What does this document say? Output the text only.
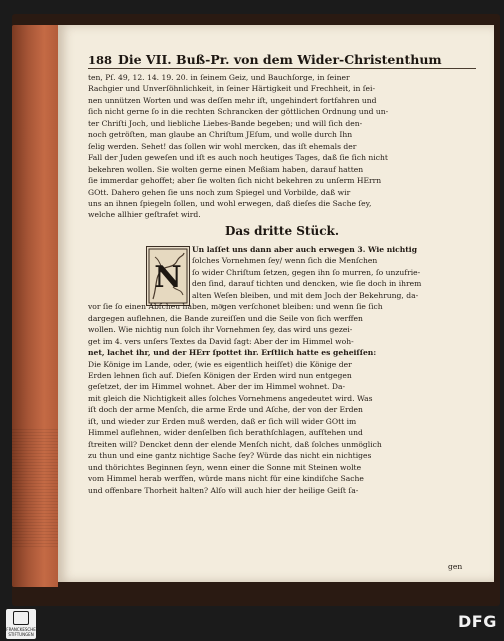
188 Die VII. Buß-Pr. von dem Wider-Christenthum
ten, Pſ. 49, 12. 14. 19. 20. in ſeinem Geiz, und Bauchſorge, in ſeiner
Rachgier und Unverſöhnlichkeit, in ſeiner Härtigkeit und Frechheit, in ſei-
nen unnützen Worten und was deſſen mehr iſt, ungehindert fortfahren und
ſich nicht gerne ſo in die rechten Schrancken der göttlichen Ordnung und un-
ter Chriſti Joch, und liebliche Liebes-Bande begeben; und will ſich den-
noch getröſten, man glaube an Chriſtum JEſum, und wolle durch Ihn
ſelig werden. Sehet! das ſollen wir wohl mercken, das iſt ehemals der
Fall der Juden geweſen und iſt es auch noch heutiges Tages, daß ſie ſich nicht
bekehren wollen. Sie wolten gerne einen Meßiam haben, darauf hatten
ſie immerdar gehoffet; aber ſie wolten ſich nicht bekehren zu unſerm HErrn
GOtt. Dahero gehen ſie uns noch zum Spiegel und Vorbilde, daß wir
uns an ihnen ſpiegeln ſollen, und wohl erwegen, daß dieſes die Sache ſey,
welche allhier geſtrafet wird.
Das dritte Stück.
N
Un laſſet uns dann aber auch erwegen 3. Wie nichtig
ſolches Vornehmen ſey/ wenn ſich die Menſchen
ſo wider Chriſtum ſetzen, gegen ihn ſo murren, ſo unzufrie-
den ſind, darauf tichten und dencken, wie ſie doch in ihrem
alten Weſen bleiben, und mit dem Joch der Bekehrung, da-
vor ſie ſo einen Abſcheu haben, möͤgen verſchonet bleiben: und wenn ſie ſich
dargegen auflehnen, die Bande zureiſſen und die Seile von ſich werffen
wollen. Wie nichtig nun ſolch ihr Vornehmen ſey, das wird uns gezei-
get im 4. vers unſers Textes da David ſagt: Aber der im Himmel woh-
net, lachet ihr, und der HErr ſpottet ihr. Erſtlich hatte es geheiſſen:
Die Könige im Lande, oder, (wie es eigentlich heiſſet) die Könige der
Erden lehnen ſich auf. Dieſen Königen der Erden wird nun entgegen
geſetzet, der im Himmel wohnet. Aber der im Himmel wohnet. Da-
mit gleich die Nichtigkeit alles ſolches Vornehmens angedeutet wird. Was
iſt doch der arme Menſch, die arme Erde und Aſche, der von der Erden
iſt, und wieder zur Erden muß werden, daß er ſich will wider GOtt im
Himmel auflehnen, wider denſelben ſich berathſchlagen, aufſtehen und
ſtreiten will? Dencket denn der elende Menſch nicht, daß ſolches unmöglich
zu thun und eine gantz nichtige Sache ſey? Würde das nicht ein nichtiges
und thörichtes Beginnen ſeyn, wenn einer die Sonne mit Steinen wolte
vom Himmel herab werffen, würde mans nicht für eine kindiſche Sache
und offenbare Thorheit halten? Alſo will auch hier der heilige Geiſt ſa-
gen
FRANCKESCHE STIFTUNGEN
DFG
